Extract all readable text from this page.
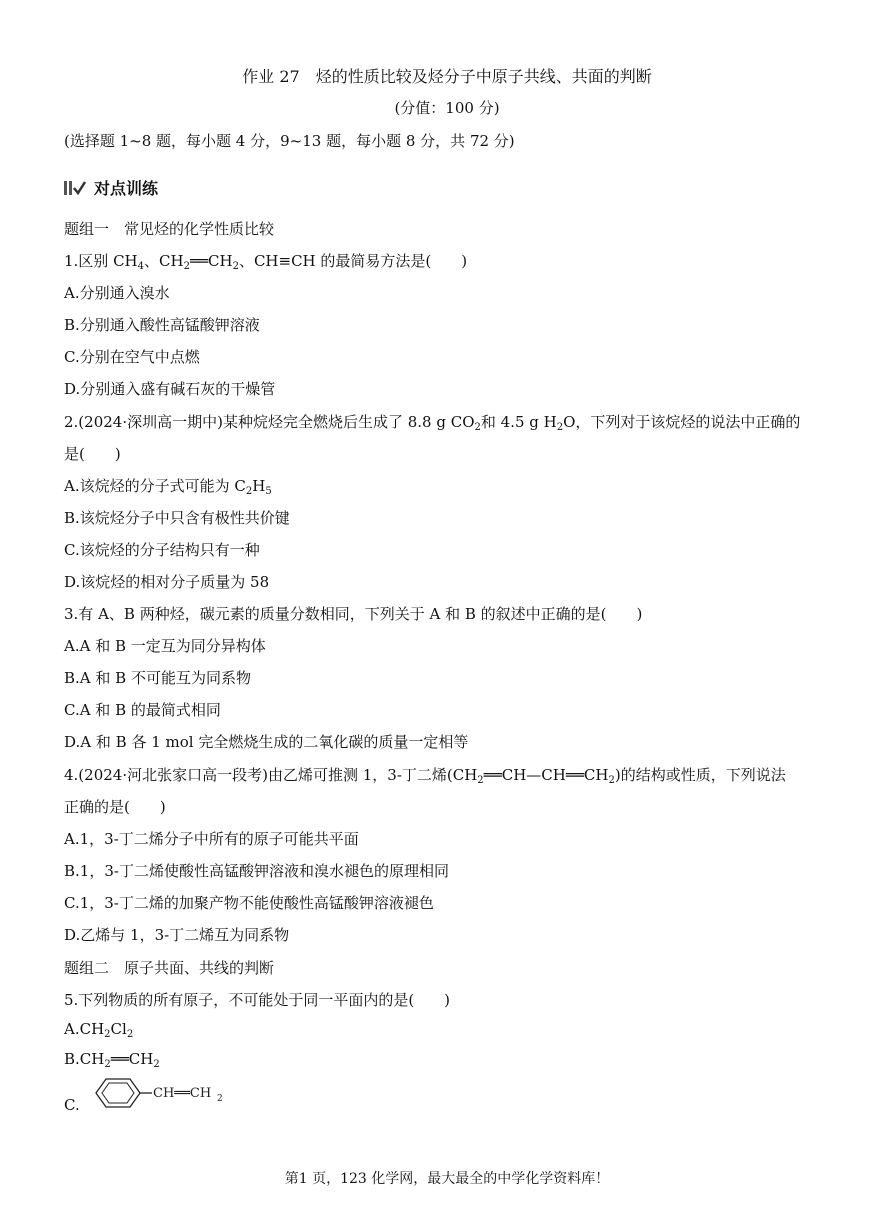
作业 27　烃的性质比较及烃分子中原子共线、共面的判断
(分值：100 分)
(选择题 1~8 题，每小题 4 分，9~13 题，每小题 8 分，共 72 分)
对点训练
题组一　常见烃的化学性质比较
1.区别 $CH_4$、$CH_2══CH_2$、CH≡CH 的最简易方法是(　　)
A.分别通入溴水
B.分别通入酸性高锰酸钾溶液
C.分别在空气中点燃
D.分别通入盛有碱石灰的干燥管
2.(2024·深圳高一期中)某种烷烃完全燃烧后生成了 8.8 g $CO_2$和 4.5 g $H_2O$，下列对于该烷烃的说法中正确的
是(　　)
A.该烷烃的分子式可能为 $C_2H_5$
B.该烷烃分子中只含有极性共价键
C.该烷烃的分子结构只有一种
D.该烷烃的相对分子质量为 58
3.有 A、B 两种烃，碳元素的质量分数相同，下列关于 A 和 B 的叙述中正确的是(　　)
A.A 和 B 一定互为同分异构体
B.A 和 B 不可能互为同系物
C.A 和 B 的最简式相同
D.A 和 B 各 1 mol 完全燃烧生成的二氧化碳的质量一定相等
4.(2024·河北张家口高一段考)由乙烯可推测 1，3-丁二烯$(CH_2══CH—CH══CH_2)$的结构或性质，下列说法
正确的是(　　)
A.1，3-丁二烯分子中所有的原子可能共平面
B.1，3-丁二烯使酸性高锰酸钾溶液和溴水褪色的原理相同
C.1，3-丁二烯的加聚产物不能使酸性高锰酸钾溶液褪色
D.乙烯与 1，3-丁二烯互为同系物
题组二　原子共面、共线的判断
5.下列物质的所有原子，不可能处于同一平面内的是(　　)
$A.CH_2Cl_2$
$B.CH_2══CH_2$
C.
CH══CH 2
第1 页，123 化学网，最大最全的中学化学资料库！
